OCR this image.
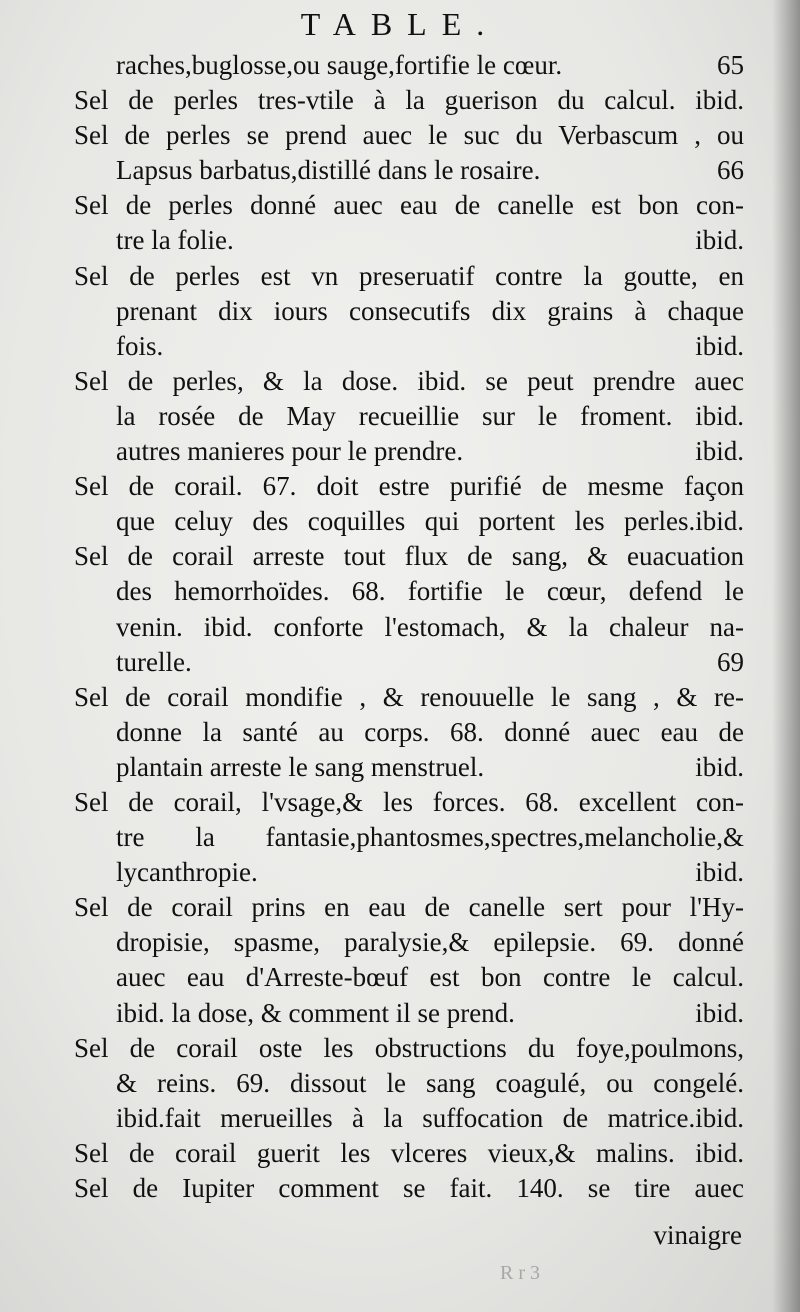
TABLE.
raches,buglosse,ou sauge,fortifie le cœur.	65
Sel de perles tres-vtile à la guerison du calcul. ibid.
Sel de perles se prend auec le suc du Verbascum , ou
Lapsus barbatus,distillé dans le rosaire.	66
Sel de perles donné auec eau de canelle est bon con-
tre la folie.	ibid.
Sel de perles est vn preseruatif contre la goutte, en
prenant dix iours consecutifs dix grains à chaque
fois.	ibid.
Sel de perles, & la dose. ibid. se peut prendre auec
la rosée de May recueillie sur le froment. ibid.
autres manieres pour le prendre.	ibid.
Sel de corail. 67. doit estre purifié de mesme façon
que celuy des coquilles qui portent les perles.ibid.
Sel de corail arreste tout flux de sang, & euacuation
des hemorrhoïdes. 68. fortifie le cœur, defend le
venin. ibid. conforte l'estomach, & la chaleur na-
turelle.	69
Sel de corail mondifie , & renouuelle le sang , & re-
donne la santé au corps. 68. donné auec eau de
plantain arreste le sang menstruel.	ibid.
Sel de corail, l'vsage,& les forces. 68. excellent con-
tre la fantasie,phantosmes,spectres,melancholie,&
lycanthropie.	ibid.
Sel de corail prins en eau de canelle sert pour l'Hy-
dropisie, spasme, paralysie,& epilepsie. 69. donné
auec eau d'Arreste-bœuf est bon contre le calcul.
ibid. la dose, & comment il se prend.	ibid.
Sel de corail oste les obstructions du foye,poulmons,
& reins. 69. dissout le sang coagulé, ou congelé.
ibid.fait merueilles à la suffocation de matrice.ibid.
Sel de corail guerit les vlceres vieux,& malins. ibid.
Sel de Iupiter comment se fait. 140. se tire auec
vinaigre
R r 3
